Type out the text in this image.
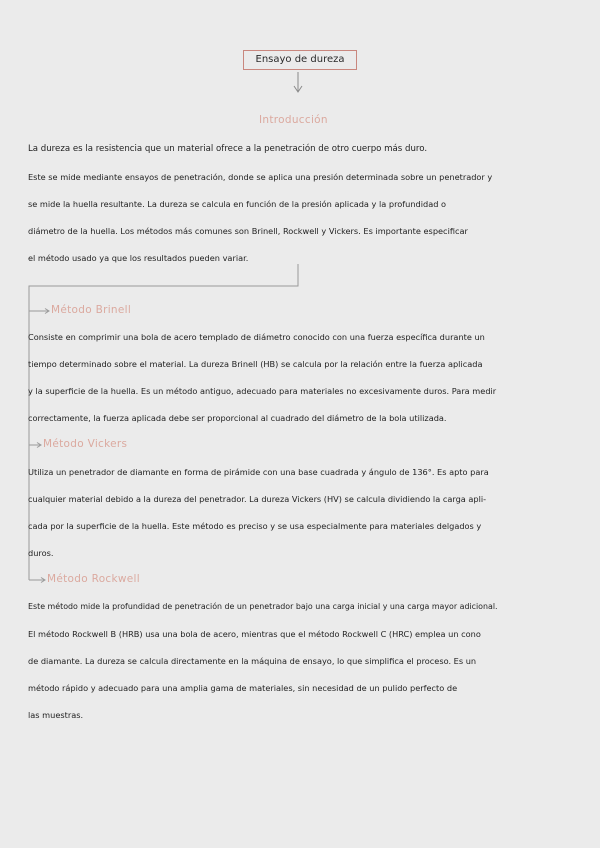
Ensayo de dureza
Introducción
La dureza es la resistencia que un material ofrece a la penetración de otro cuerpo más duro.
Este se mide mediante ensayos de penetración, donde se aplica una presión determinada sobre un penetrador y
se mide la huella resultante. La dureza se calcula en función de la presión aplicada y la profundidad o
diámetro de la huella. Los métodos más comunes son Brinell, Rockwell y Vickers. Es importante especificar
el método usado ya que los resultados pueden variar.
Método Brinell
Consiste en comprimir una bola de acero templado de diámetro conocido con una fuerza específica durante un
tiempo determinado sobre el material. La dureza Brinell (HB) se calcula por la relación entre la fuerza aplicada
y la superficie de la huella. Es un método antiguo, adecuado para materiales no excesivamente duros. Para medir
correctamente, la fuerza aplicada debe ser proporcional al cuadrado del diámetro de la bola utilizada.
Método Vickers
Utiliza un penetrador de diamante en forma de pirámide con una base cuadrada y ángulo de 136°. Es apto para
cualquier material debido a la dureza del penetrador. La dureza Vickers (HV) se calcula dividiendo la carga apli-
cada por la superficie de la huella. Este método es preciso y se usa especialmente para materiales delgados y
duros.
Método Rockwell
Este método mide la profundidad de penetración de un penetrador bajo una carga inicial y una carga mayor adicional.
El método Rockwell B (HRB) usa una bola de acero, mientras que el método Rockwell C (HRC) emplea un cono
de diamante. La dureza se calcula directamente en la máquina de ensayo, lo que simplifica el proceso. Es un
método rápido y adecuado para una amplia gama de materiales, sin necesidad de un pulido perfecto de
las muestras.
